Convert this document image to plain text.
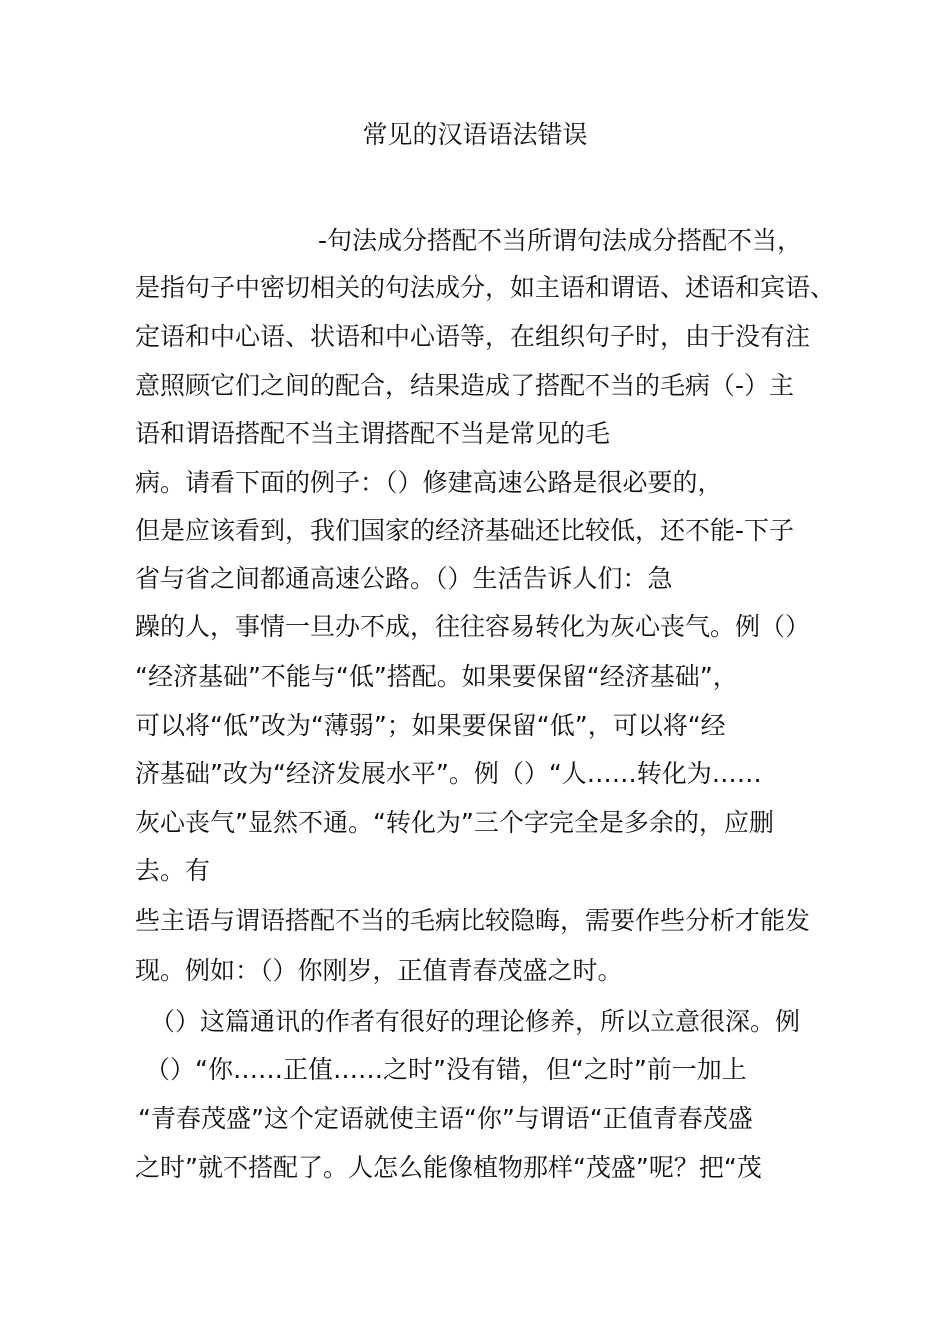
常见的汉语语法错误
-句法成分搭配不当所谓句法成分搭配不当，
是指句子中密切相关的句法成分，如主语和谓语、述语和宾语、
定语和中心语、状语和中心语等，在组织句子时，由于没有注
意照顾它们之间的配合，结果造成了搭配不当的毛病（-）主
语和谓语搭配不当主谓搭配不当是常见的毛
病。请看下面的例子：（）修建高速公路是很必要的，
但是应该看到，我们国家的经济基础还比较低，还不能-下子
省与省之间都通高速公路。（）生活告诉人们：急
躁的人，事情一旦办不成，往往容易转化为灰心丧气。例（）
“经济基础”不能与“低”搭配。如果要保留“经济基础”，
可以将“低”改为“薄弱”；如果要保留“低”，可以将“经
济基础”改为“经济发展水平”。例（）“人……转化为……
灰心丧气”显然不通。“转化为”三个字完全是多余的，应删
去。有
些主语与谓语搭配不当的毛病比较隐晦，需要作些分析才能发
现。例如：（）你刚岁，正值青春茂盛之时。
（）这篇通讯的作者有很好的理论修养，所以立意很深。例
（）“你……正值……之时”没有错，但“之时”前一加上
“青春茂盛”这个定语就使主语“你”与谓语“正值青春茂盛
之时”就不搭配了。人怎么能像植物那样“茂盛”呢？把“茂
